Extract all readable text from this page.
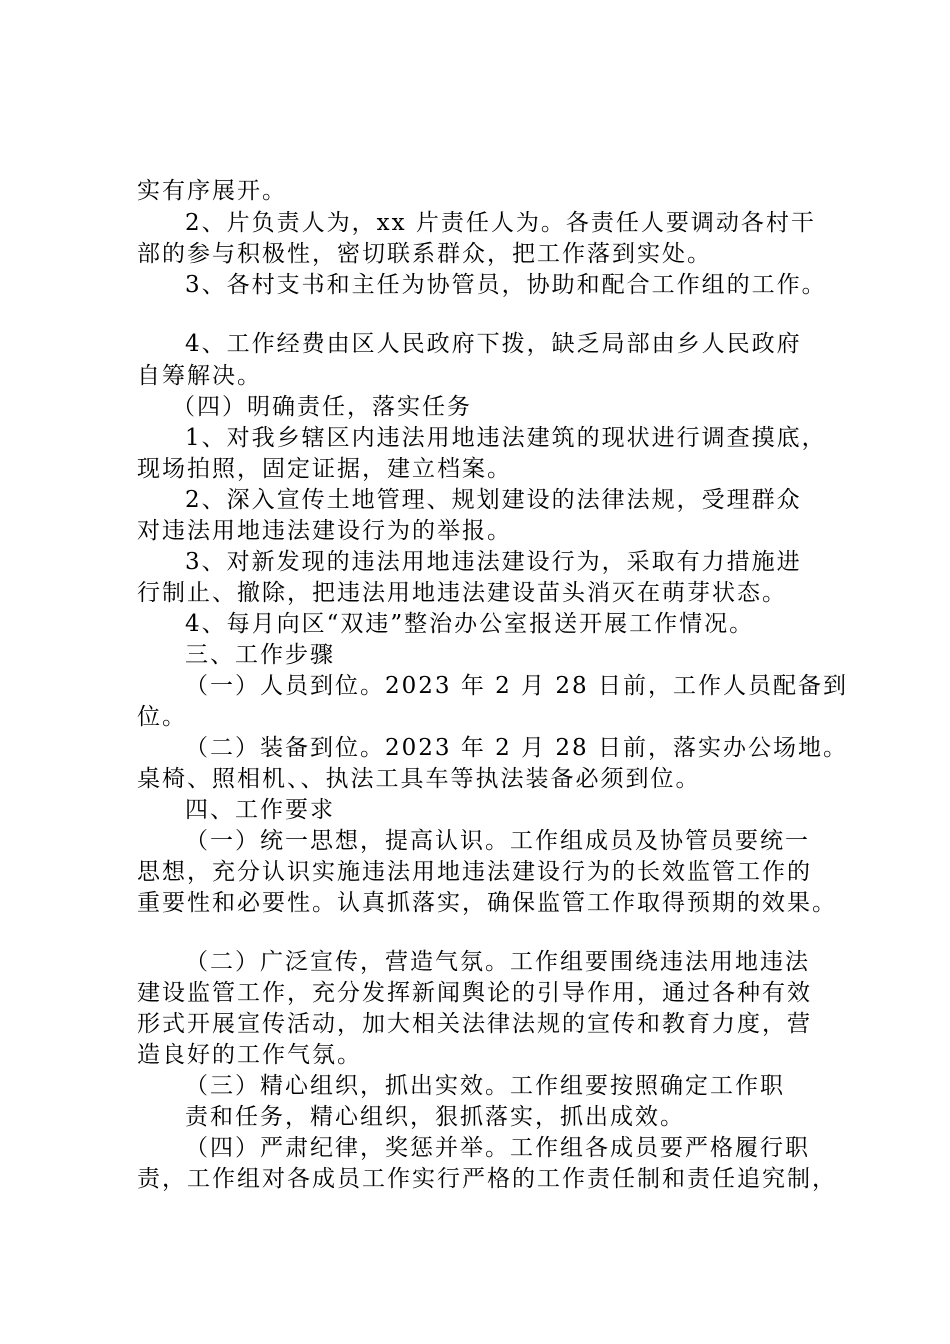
实有序展开。
2、片负责人为，xx 片责任人为。各责任人要调动各村干
部的参与积极性，密切联系群众，把工作落到实处。
3、各村支书和主任为协管员，协助和配合工作组的工作。
4、工作经费由区人民政府下拨，缺乏局部由乡人民政府
自筹解决。
（四）明确责任，落实任务
1、对我乡辖区内违法用地违法建筑的现状进行调查摸底，
现场拍照，固定证据，建立档案。
2、深入宣传土地管理、规划建设的法律法规，受理群众
对违法用地违法建设行为的举报。
3、对新发现的违法用地违法建设行为，采取有力措施进
行制止、撤除，把违法用地违法建设苗头消灭在萌芽状态。
4、每月向区“双违”整治办公室报送开展工作情况。
三、工作步骤
（一）人员到位。2023 年 2 月 28 日前，工作人员配备到
位。
（二）装备到位。2023 年 2 月 28 日前，落实办公场地。
桌椅、照相机、、执法工具车等执法装备必须到位。
四、工作要求
（一）统一思想，提高认识。工作组成员及协管员要统一
思想，充分认识实施违法用地违法建设行为的长效监管工作的
重要性和必要性。认真抓落实，确保监管工作取得预期的效果。
（二）广泛宣传，营造气氛。工作组要围绕违法用地违法
建设监管工作，充分发挥新闻舆论的引导作用，通过各种有效
形式开展宣传活动，加大相关法律法规的宣传和教育力度，营
造良好的工作气氛。
（三）精心组织，抓出实效。工作组要按照确定工作职
责和任务，精心组织，狠抓落实，抓出成效。
（四）严肃纪律，奖惩并举。工作组各成员要严格履行职
责，工作组对各成员工作实行严格的工作责任制和责任追究制，
